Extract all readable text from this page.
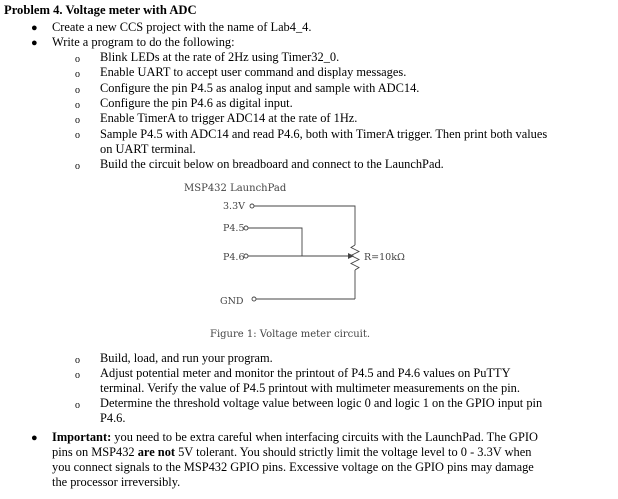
Problem 4. Voltage meter with ADC
● Create a new CCS project with the name of Lab4_4.
● Write a program to do the following:
o Blink LEDs at the rate of 2Hz using Timer32_0.
o Enable UART to accept user command and display messages.
o Configure the pin P4.5 as analog input and sample with ADC14.
o Configure the pin P4.6 as digital input.
o Enable TimerA to trigger ADC14 at the rate of 1Hz.
o Sample P4.5 with ADC14 and read P4.6, both with TimerA trigger. Then print both values
on UART terminal.
o Build the circuit below on breadboard and connect to the LaunchPad.
MSP432 LaunchPad
3.3V
P4.5
P4.6	R=10kΩ
GND
Figure 1: Voltage meter circuit.
o Build, load, and run your program.
o Adjust potential meter and monitor the printout of P4.5 and P4.6 values on PuTTY
terminal. Verify the value of P4.5 printout with multimeter measurements on the pin.
o Determine the threshold voltage value between logic 0 and logic 1 on the GPIO input pin
P4.6.
● Important: you need to be extra careful when interfacing circuits with the LaunchPad. The GPIO
pins on MSP432 are not 5V tolerant. You should strictly limit the voltage level to 0 - 3.3V when
you connect signals to the MSP432 GPIO pins. Excessive voltage on the GPIO pins may damage
the processor irreversibly.
